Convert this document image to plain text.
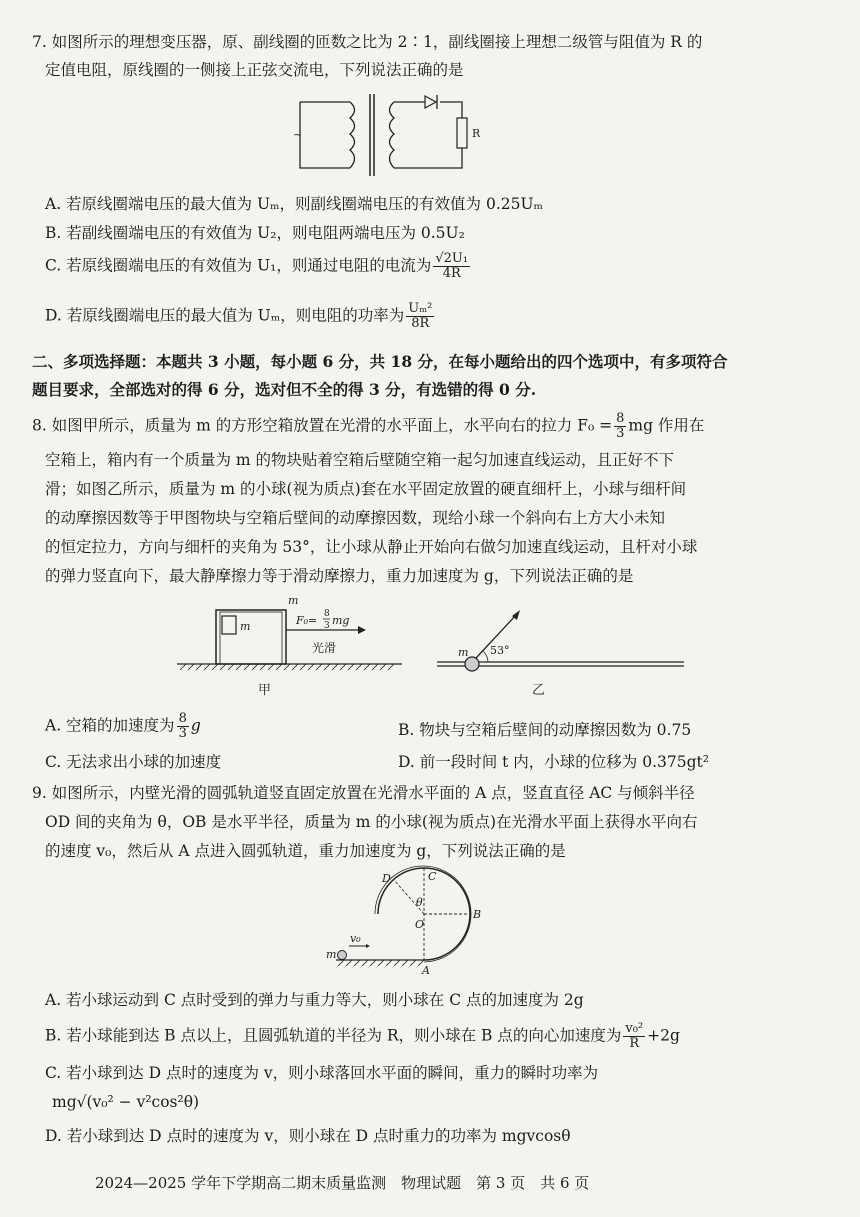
7. 如图所示的理想变压器，原、副线圈的匝数之比为 2∶1，副线圈接上理想二级管与阻值为 R 的
定值电阻，原线圈的一侧接上正弦交流电，下列说法正确的是
R
~
A. 若原线圈端电压的最大值为 Uₘ，则副线圈端电压的有效值为 0.25Uₘ
B. 若副线圈端电压的有效值为 U₂，则电阻两端电压为 0.5U₂
C. 若原线圈端电压的有效值为 U₁，则通过电阻的电流为 $\frac{\text{√2U₁}}{4R}$
D. 若原线圈端电压的最大值为 Uₘ，则电阻的功率为 $\frac{\text{Uₘ²}}{8R}$
二、多项选择题：本题共 3 小题，每小题 6 分，共 18 分，在每小题给出的四个选项中，有多项符合
题目要求，全部选对的得 6 分，选对但不全的得 3 分，有选错的得 0 分.
8. 如图甲所示，质量为 m 的方形空箱放置在光滑的水平面上，水平向右的拉力 $F_0 = \frac{8}{3}$ mg 作用在
空箱上，箱内有一个质量为 m 的物块贴着空箱后壁随空箱一起匀加速直线运动，且正好不下
滑；如图乙所示，质量为 m 的小球(视为质点)套在水平固定放置的硬直细杆上，小球与细杆间
的动摩擦因数等于甲图物块与空箱后壁间的动摩擦因数，现给小球一个斜向右上方大小未知
的恒定拉力，方向与细杆的夹角为 53°，让小球从静止开始向右做匀加速直线运动，且杆对小球
的弹力竖直向下，最大静摩擦力等于滑动摩擦力，重力加速度为 g，下列说法正确的是
m
m
F₀= 8
3 mg
光滑
甲
m 53°
乙
A. 空箱的加速度为 $\frac{8}{3}$ g	B. 物块与空箱后壁间的动摩擦因数为 0.75
C. 无法求出小球的加速度	D. 前一段时间 t 内，小球的位移为 0.375gt²
9. 如图所示，内壁光滑的圆弧轨道竖直固定放置在光滑水平面的 A 点，竖直直径 AC 与倾斜半径
OD 间的夹角为 θ，OB 是水平半径，质量为 m 的小球(视为质点)在光滑水平面上获得水平向右
的速度 v₀，然后从 A 点进入圆弧轨道，重力加速度为 g，下列说法正确的是
C
D
θ
O
B
A
m
v₀
A. 若小球运动到 C 点时受到的弹力与重力等大，则小球在 C 点的加速度为 2g
B. 若小球能到达 B 点以上，且圆弧轨道的半径为 R，则小球在 B 点的向心加速度为 $\frac{\text{v₀²}}{R} +2g$
C. 若小球到达 D 点时的速度为 v，则小球落回水平面的瞬间，重力的瞬时功率为
mg√(v₀² − v²cos²θ)
D. 若小球到达 D 点时的速度为 v，则小球在 D 点时重力的功率为 mgvcosθ
2024—2025 学年下学期高二期末质量监测　物理试题　第 3 页　共 6 页
